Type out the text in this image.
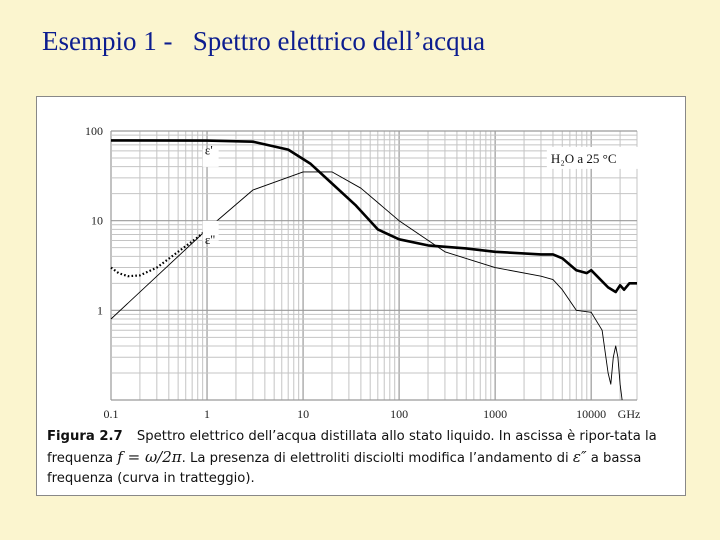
Esempio 1 -   Spettro elettrico dell’acqua
0.1	1	10	100	1000	10000 GHz
100
10
1
ε'
ε''
H₂O a 25 °C
Figura 2.7 Spettro elettrico dell’acqua distillata allo stato liquido. In ascissa è ripor-tata la frequenza f = ω/2π. La presenza di elettroliti disciolti modifica l’andamento di ε″ a bassa frequenza (curva in tratteggio).
